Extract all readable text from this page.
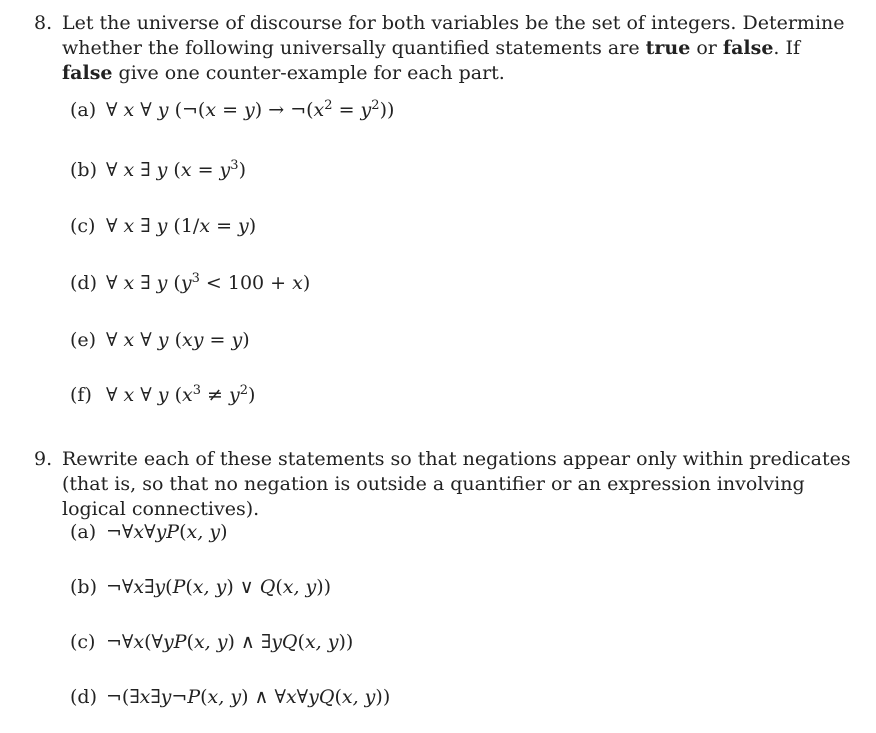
8. Let the universe of discourse for both variables be the set of integers. Determine whether the following universally quantified statements are true or false. If false give one counter-example for each part.
(a) ∀ x ∀ y (¬(x = $y) \to \neg(x^2 = y^2)$)
(b) ∀ x ∃ y $(x = y^3)$
(c) ∀ x ∃ y (1/x = y)
(d) ∀ x ∃ y $(y^3 < 100 + x)$
(e) ∀ x ∀ y (xy = y)
(f) ∀ x ∀ y $(x^3 \ne y^2)$
9. Rewrite each of these statements so that negations appear only within predicates (that is, so that no negation is outside a quantifier or an expression involving logical connectives).
(a) ¬∀x∀yP(x, y)
(b) ¬∀x∃y(P(x, y) ∨ Q(x, y))
(c) ¬∀x(∀yP(x, y) ∧ ∃yQ(x, y))
(d) ¬(∃x∃y¬P(x, y) ∧ ∀x∀yQ(x, y))
